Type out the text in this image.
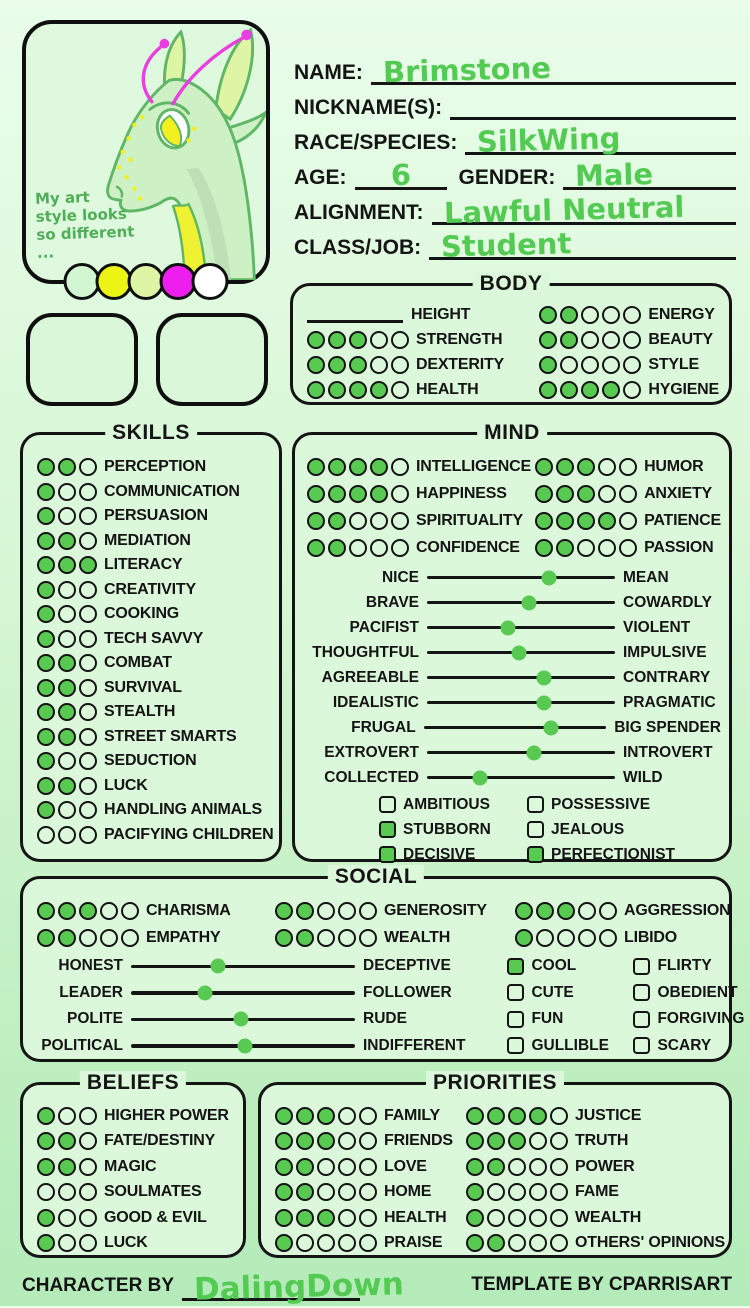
My art
style looks
so different
...
NAME: Brimstone
NICKNAME(S):
RACE/SPECIES: SilkWing
AGE: 6 GENDER: Male
ALIGNMENT: Lawful Neutral
CLASS/JOB: Student
BODY
HEIGHT
STRENGTH
DEXTERITY
HEALTH
ENERGY
BEAUTY
STYLE
HYGIENE
SKILLS
PERCEPTION
COMMUNICATION
PERSUASION
MEDIATION
LITERACY
CREATIVITY
COOKING
TECH SAVVY
COMBAT
SURVIVAL
STEALTH
STREET SMARTS
SEDUCTION
LUCK
HANDLING ANIMALS
PACIFYING CHILDREN
MIND
INTELLIGENCE
HAPPINESS
SPIRITUALITY
CONFIDENCE
HUMOR
ANXIETY
PATIENCE
PASSION
NICE	MEAN
BRAVE	COWARDLY
PACIFIST	VIOLENT
THOUGHTFUL	IMPULSIVE
AGREEABLE	CONTRARY
IDEALISTIC	PRAGMATIC
FRUGAL	BIG SPENDER
EXTROVERT	INTROVERT
COLLECTED	WILD
AMBITIOUS	POSSESSIVE
STUBBORN	JEALOUS
DECISIVE	PERFECTIONIST
SOCIAL
CHARISMA
EMPATHY
GENEROSITY
WEALTH
AGGRESSION
LIBIDO
HONEST	DECEPTIVE
LEADER	FOLLOWER
POLITE	RUDE
POLITICAL	INDIFFERENT
COOL	FLIRTY
CUTE	OBEDIENT
FUN	FORGIVING
GULLIBLE	SCARY
BELIEFS
HIGHER POWER
FATE/DESTINY
MAGIC
SOULMATES
GOOD & EVIL
LUCK
PRIORITIES
FAMILY
FRIENDS
LOVE
HOME
HEALTH
PRAISE
JUSTICE
TRUTH
POWER
FAME
WEALTH
OTHERS' OPINIONS
CHARACTER BY DalingDown	TEMPLATE BY CPARRISART
